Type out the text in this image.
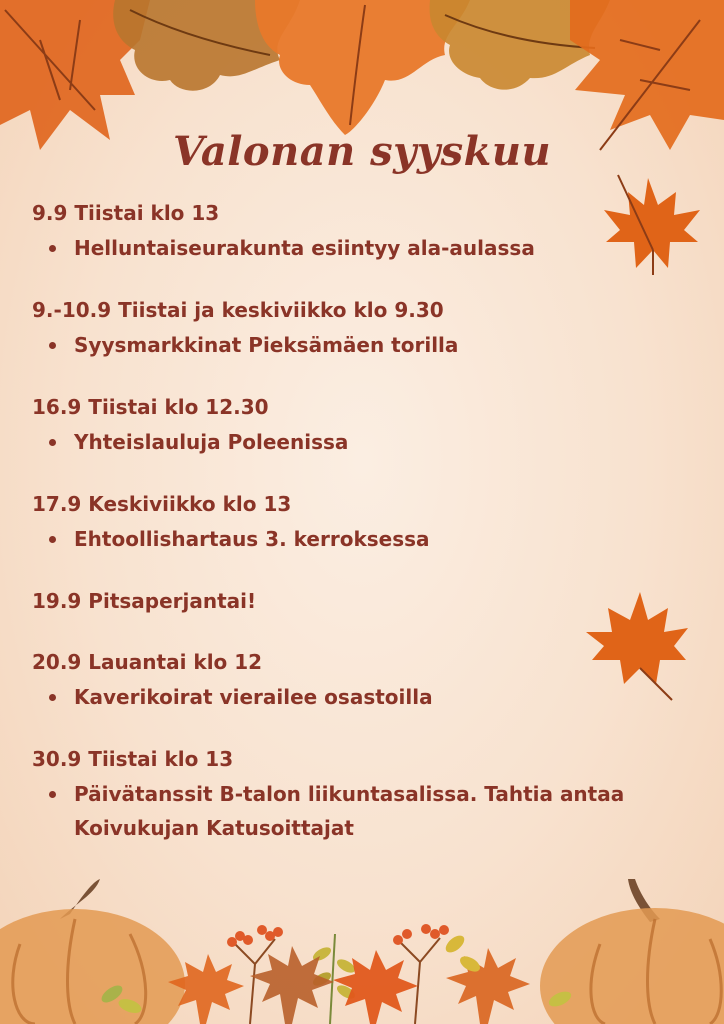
Valonan syyskuu
9.9 Tiistai klo 13
Helluntaiseurakunta esiintyy ala-aulassa
9.-10.9 Tiistai ja keskiviikko klo 9.30
Syysmarkkinat Pieksämäen torilla
16.9 Tiistai klo 12.30
Yhteislauluja Poleenissa
17.9 Keskiviikko klo 13
Ehtoollishartaus 3. kerroksessa
19.9 Pitsaperjantai!
20.9 Lauantai klo 12
Kaverikoirat vierailee osastoilla
30.9 Tiistai klo 13
Päivätanssit B-talon liikuntasalissa. Tahtia antaa Koivukujan Katusoittajat
